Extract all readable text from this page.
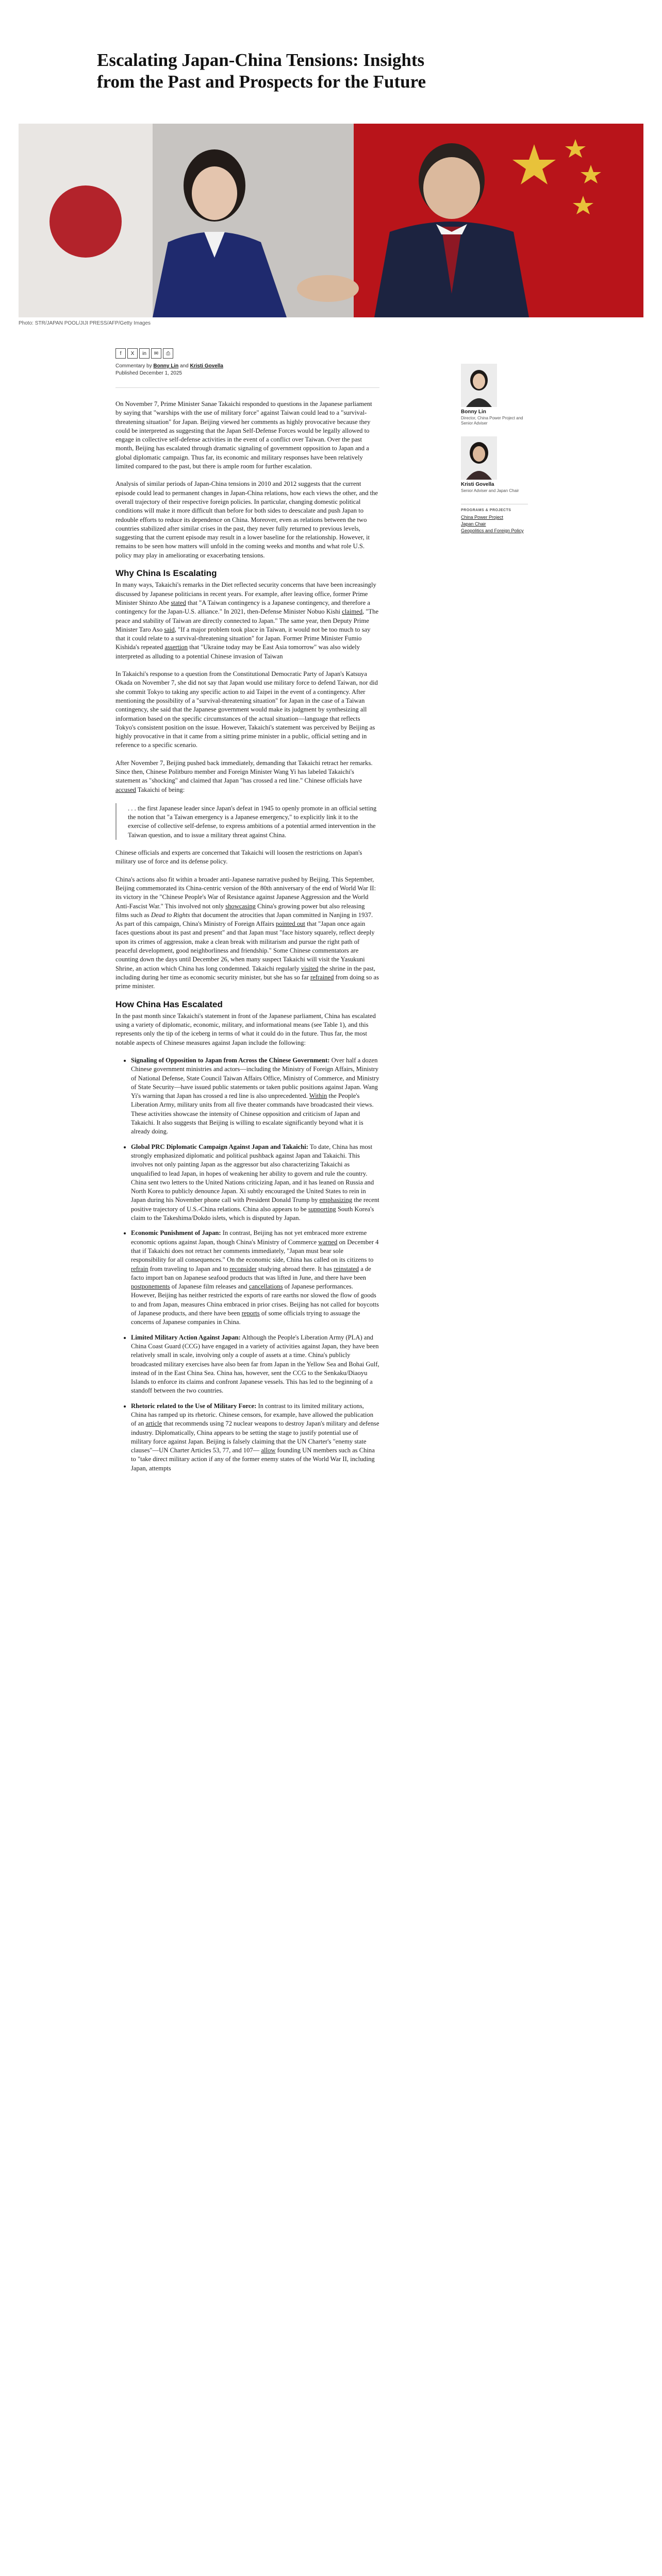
Escalating Japan-China Tensions: Insights from the Past and Prospects for the Future
Photo: STR/JAPAN POOL/JIJI PRESS/AFP/Getty Images
f	X	in	✉	⎙
Commentary by Bonny Lin and Kristi Govella
Published December 1, 2025

On November 7, Prime Minister Sanae Takaichi responded to questions in the Japanese parliament by saying that "warships with the use of military force" against Taiwan could lead to a "survival-threatening situation" for Japan. Beijing viewed her comments as highly provocative because they could be interpreted as suggesting that the Japan Self-Defense Forces would be legally allowed to engage in collective self-defense activities in the event of a conflict over Taiwan. Over the past month, Beijing has escalated through dramatic signaling of government opposition to Japan and a global diplomatic campaign. Thus far, its economic and military responses have been relatively limited compared to the past, but there is ample room for further escalation.

Analysis of similar periods of Japan-China tensions in 2010 and 2012 suggests that the current episode could lead to permanent changes in Japan-China relations, how each views the other, and the overall trajectory of their respective foreign policies. In particular, changing domestic political conditions will make it more difficult than before for both sides to deescalate and push Japan to redouble efforts to reduce its dependence on China. Moreover, even as relations between the two countries stabilized after similar crises in the past, they never fully returned to previous levels, suggesting that the current episode may result in a lower baseline for the relationship. However, it remains to be seen how matters will unfold in the coming weeks and months and what role U.S. policy may play in ameliorating or exacerbating tensions.

Why China Is Escalating

In many ways, Takaichi's remarks in the Diet reflected security concerns that have been increasingly discussed by Japanese politicians in recent years. For example, after leaving office, former Prime Minister Shinzo Abe stated that "A Taiwan contingency is a Japanese contingency, and therefore a contingency for the Japan-U.S. alliance." In 2021, then-Defense Minister Nobuo Kishi claimed, "The peace and stability of Taiwan are directly connected to Japan." The same year, then Deputy Prime Minister Taro Aso said, "If a major problem took place in Taiwan, it would not be too much to say that it could relate to a survival-threatening situation" for Japan. Former Prime Minister Fumio Kishida's repeated assertion that "Ukraine today may be East Asia tomorrow" was also widely interpreted as alluding to a potential Chinese invasion of Taiwan

In Takaichi's response to a question from the Constitutional Democratic Party of Japan's Katsuya Okada on November 7, she did not say that Japan would use military force to defend Taiwan, nor did she commit Tokyo to taking any specific action to aid Taipei in the event of a contingency. After mentioning the possibility of a "survival-threatening situation" for Japan in the case of a Taiwan contingency, she said that the Japanese government would make its judgment by synthesizing all information based on the specific circumstances of the actual situation—language that reflects Tokyo's consistent position on the issue. However, Takaichi's statement was perceived by Beijing as highly provocative in that it came from a sitting prime minister in a public, official setting and in reference to a specific scenario.

After November 7, Beijing pushed back immediately, demanding that Takaichi retract her remarks. Since then, Chinese Politburo member and Foreign Minister Wang Yi has labeled Takaichi's statement as "shocking" and claimed that Japan "has crossed a red line." Chinese officials have accused Takaichi of being:

. . . the first Japanese leader since Japan's defeat in 1945 to openly promote in an official setting the notion that "a Taiwan emergency is a Japanese emergency," to explicitly link it to the exercise of collective self-defense, to express ambitions of a potential armed intervention in the Taiwan question, and to issue a military threat against China.

Chinese officials and experts are concerned that Takaichi will loosen the restrictions on Japan's military use of force and its defense policy.

China's actions also fit within a broader anti-Japanese narrative pushed by Beijing. This September, Beijing commemorated its China-centric version of the 80th anniversary of the end of World War II: its victory in the "Chinese People's War of Resistance against Japanese Aggression and the World Anti-Fascist War." This involved not only showcasing China's growing power but also releasing films such as Dead to Rights that document the atrocities that Japan committed in Nanjing in 1937. As part of this campaign, China's Ministry of Foreign Affairs pointed out that "Japan once again faces questions about its past and present" and that Japan must "face history squarely, reflect deeply upon its crimes of aggression, make a clean break with militarism and pursue the right path of peaceful development, good neighborliness and friendship." Some Chinese commentators are counting down the days until December 26, when many suspect Takaichi will visit the Yasukuni Shrine, an action which China has long condemned. Takaichi regularly visited the shrine in the past, including during her time as economic security minister, but she has so far refrained from doing so as prime minister.

How China Has Escalated

In the past month since Takaichi's statement in front of the Japanese parliament, China has escalated using a variety of diplomatic, economic, military, and informational means (see Table 1), and this represents only the tip of the iceberg in terms of what it could do in the future. Thus far, the most notable aspects of Chinese measures against Japan include the following:

• Signaling of Opposition to Japan from Across the Chinese Government: Over half a dozen Chinese government ministries and actors—including the Ministry of Foreign Affairs, Ministry of National Defense, State Council Taiwan Affairs Office, Ministry of Commerce, and Ministry of State Security—have issued public statements or taken public positions against Japan. Wang Yi's warning that Japan has crossed a red line is also unprecedented. Within the People's Liberation Army, military units from all five theater commands have broadcasted their views. These activities showcase the intensity of Chinese opposition and criticism of Japan and Takaichi. It also suggests that Beijing is willing to escalate significantly beyond what it is already doing.
• Global PRC Diplomatic Campaign Against Japan and Takaichi: To date, China has most strongly emphasized diplomatic and political pushback against Japan and Takaichi. This involves not only painting Japan as the aggressor but also characterizing Takaichi as unqualified to lead Japan, in hopes of weakening her ability to govern and rule the country. China sent two letters to the United Nations criticizing Japan, and it has leaned on Russia and North Korea to publicly denounce Japan. Xi subtly encouraged the United States to rein in Japan during his November phone call with President Donald Trump by emphasizing the recent positive trajectory of U.S.-China relations. China also appears to be supporting South Korea's claim to the Takeshima/Dokdo islets, which is disputed by Japan.
• Economic Punishment of Japan: In contrast, Beijing has not yet embraced more extreme economic options against Japan, though China's Ministry of Commerce warned on December 4 that if Takaichi does not retract her comments immediately, "Japan must bear sole responsibility for all consequences." On the economic side, China has called on its citizens to refrain from traveling to Japan and to reconsider studying abroad there. It has reinstated a de facto import ban on Japanese seafood products that was lifted in June, and there have been postponements of Japanese film releases and cancellations of Japanese performances. However, Beijing has neither restricted the exports of rare earths nor slowed the flow of goods to and from Japan, measures China embraced in prior crises. Beijing has not called for boycotts of Japanese products, and there have been reports of some officials trying to assuage the concerns of Japanese companies in China.
• Limited Military Action Against Japan: Although the People's Liberation Army (PLA) and China Coast Guard (CCG) have engaged in a variety of activities against Japan, they have been relatively small in scale, involving only a couple of assets at a time. China's publicly broadcasted military exercises have also been far from Japan in the Yellow Sea and Bohai Gulf, instead of in the East China Sea. China has, however, sent the CCG to the Senkaku/Diaoyu Islands to enforce its claims and confront Japanese vessels. This has led to the beginning of a standoff between the two countries.
• Rhetoric related to the Use of Military Force: In contrast to its limited military actions, China has ramped up its rhetoric. Chinese censors, for example, have allowed the publication of an article that recommends using 72 nuclear weapons to destroy Japan's military and defense industry. Diplomatically, China appears to be setting the stage to justify potential use of military force against Japan. Beijing is falsely claiming that the UN Charter's "enemy state clauses"—UN Charter Articles 53, 77, and 107— allow founding UN members such as China to "take direct military action if any of the former enemy states of the World War II, including Japan, attempts
Bonny Lin
Director, China Power Project and Senior Adviser
Kristi Govella
Senior Adviser and Japan Chair
PROGRAMS & PROJECTS
China Power Project
Japan Chair
Geopolitics and Foreign Policy
